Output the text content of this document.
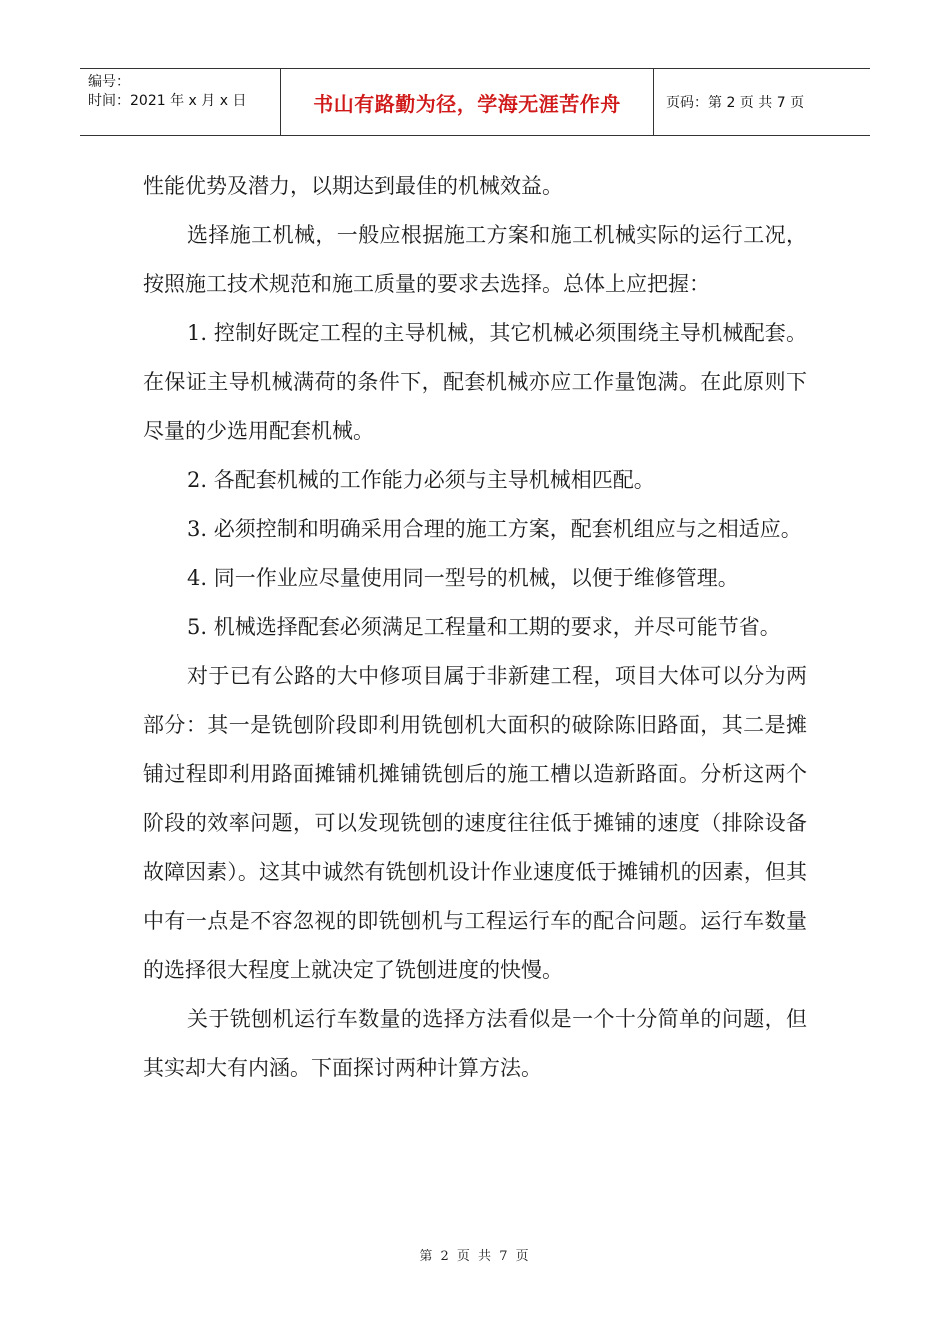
编号：
时间：2021 年 x 月 x 日	书山有路勤为径，学海无涯苦作舟	页码：第 2 页 共 7 页

性能优势及潜力，以期达到最佳的机械效益。

选择施工机械，一般应根据施工方案和施工机械实际的运行工况，按照施工技术规范和施工质量的要求去选择。总体上应把握：

1. 控制好既定工程的主导机械，其它机械必须围绕主导机械配套。在保证主导机械满荷的条件下，配套机械亦应工作量饱满。在此原则下尽量的少选用配套机械。

2. 各配套机械的工作能力必须与主导机械相匹配。

3. 必须控制和明确采用合理的施工方案，配套机组应与之相适应。

4. 同一作业应尽量使用同一型号的机械，以便于维修管理。

5. 机械选择配套必须满足工程量和工期的要求，并尽可能节省。

对于已有公路的大中修项目属于非新建工程，项目大体可以分为两部分：其一是铣刨阶段即利用铣刨机大面积的破除陈旧路面，其二是摊铺过程即利用路面摊铺机摊铺铣刨后的施工槽以造新路面。分析这两个阶段的效率问题，可以发现铣刨的速度往往低于摊铺的速度（排除设备故障因素）。这其中诚然有铣刨机设计作业速度低于摊铺机的因素，但其中有一点是不容忽视的即铣刨机与工程运行车的配合问题。运行车数量的选择很大程度上就决定了铣刨进度的快慢。

关于铣刨机运行车数量的选择方法看似是一个十分简单的问题，但其实却大有内涵。下面探讨两种计算方法。

第 2 页 共 7 页
